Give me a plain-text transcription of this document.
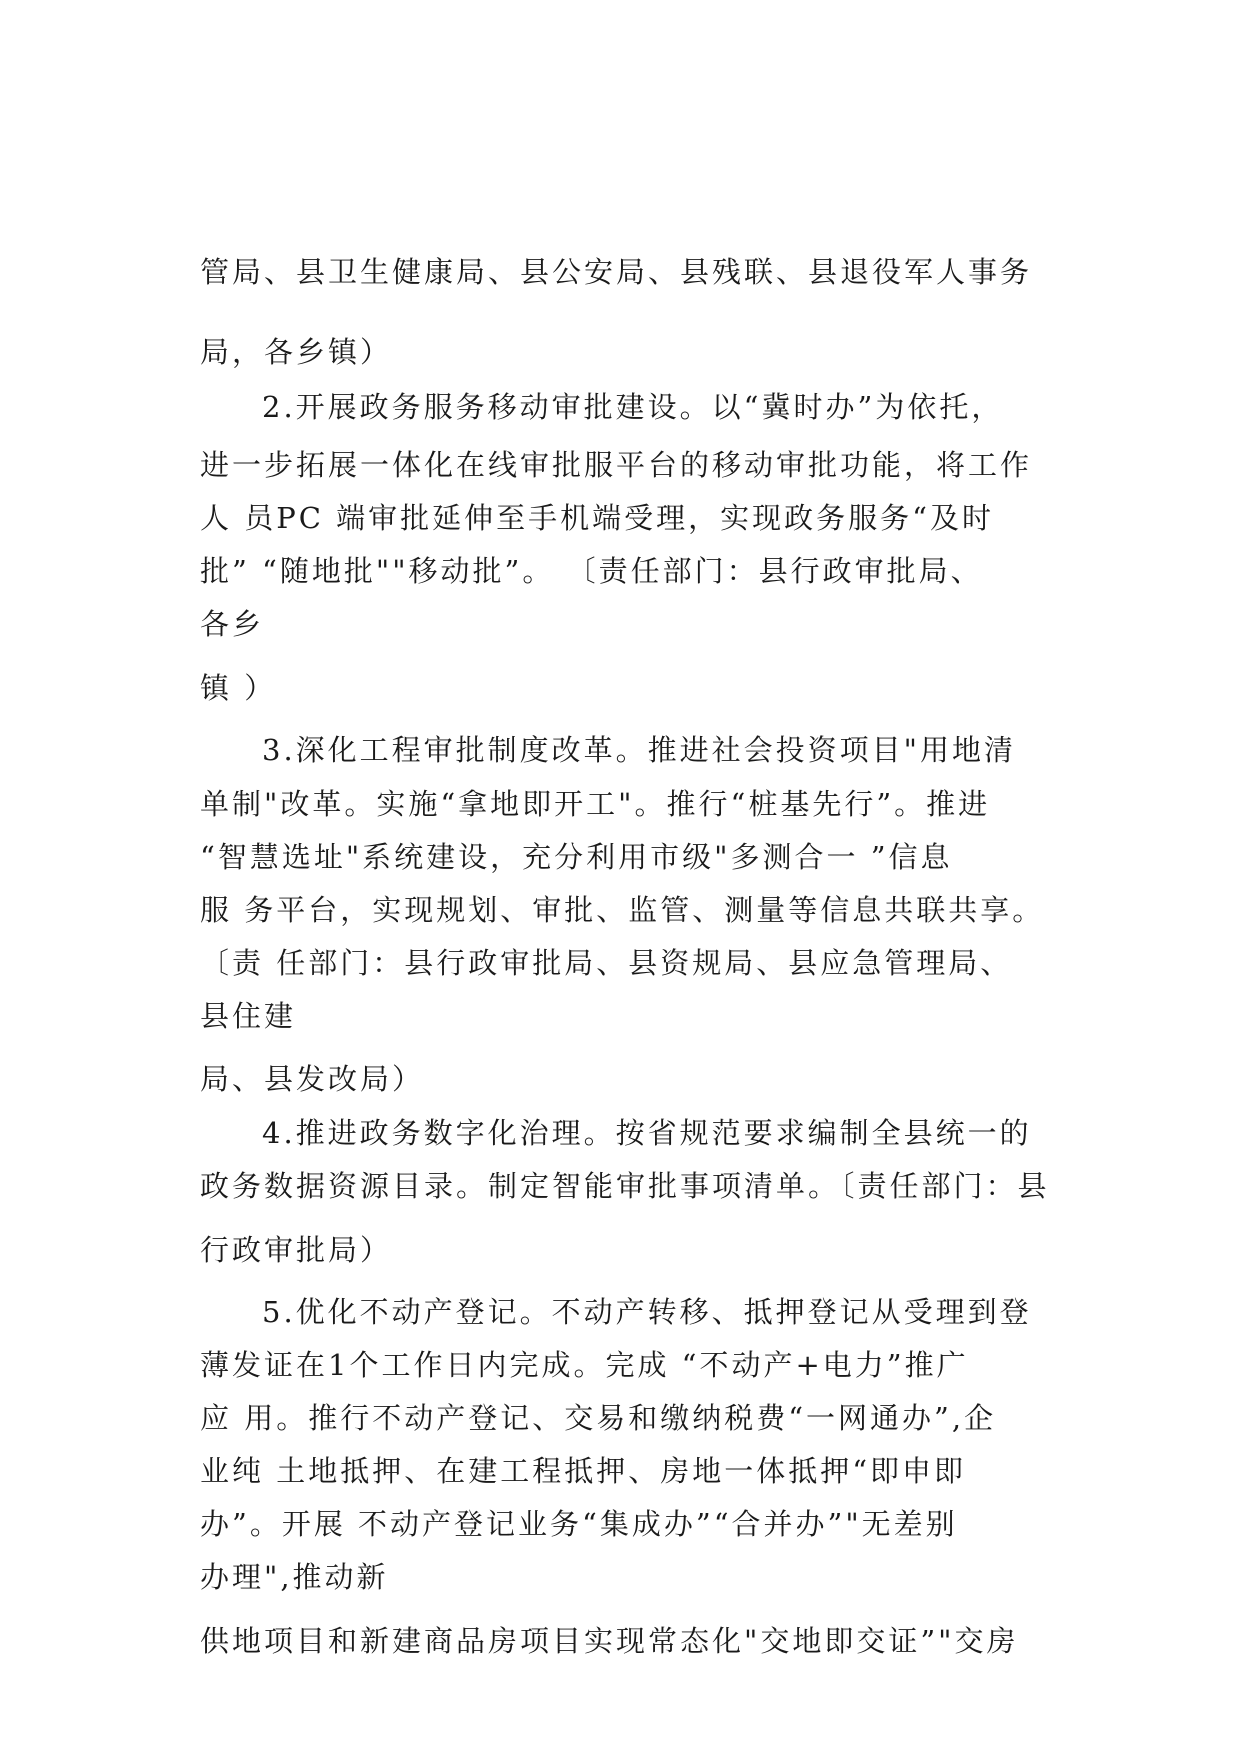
管局、县卫生健康局、县公安局、县残联、县退役军人事务
局，各乡镇）
2.开展政务服务移动审批建设。以“冀时办”为依托，
进一步拓展一体化在线审批服平台的移动审批功能，将工作
人 员PC 端审批延伸至手机端受理，实现政务服务“及时
批” “随地批""移动批”。 〔责任部门：县行政审批局、
各乡
镇 ）
3.深化工程审批制度改革。推进社会投资项目"用地清
单制"改革。实施“拿地即开工"。推行“桩基先行”。推进
“智慧选址"系统建设，充分利用市级"多测合一 ”信息
服 务平台，实现规划、审批、监管、测量等信息共联共享。
〔责 任部门：县行政审批局、县资规局、县应急管理局、
县住建
局、县发改局）
4.推进政务数字化治理。按省规范要求编制全县统一的
政务数据资源目录。制定智能审批事项清单。〔责任部门：县
行政审批局）
5.优化不动产登记。不动产转移、抵押登记从受理到登
薄发证在1个工作日内完成。完成 “不动产+电力”推广
应 用。推行不动产登记、交易和缴纳税费“一网通办”,企
业纯 土地抵押、在建工程抵押、房地一体抵押“即申即
办”。开展 不动产登记业务“集成办”“合并办”"无差别
办理",推动新
供地项目和新建商品房项目实现常态化"交地即交证”"交房
